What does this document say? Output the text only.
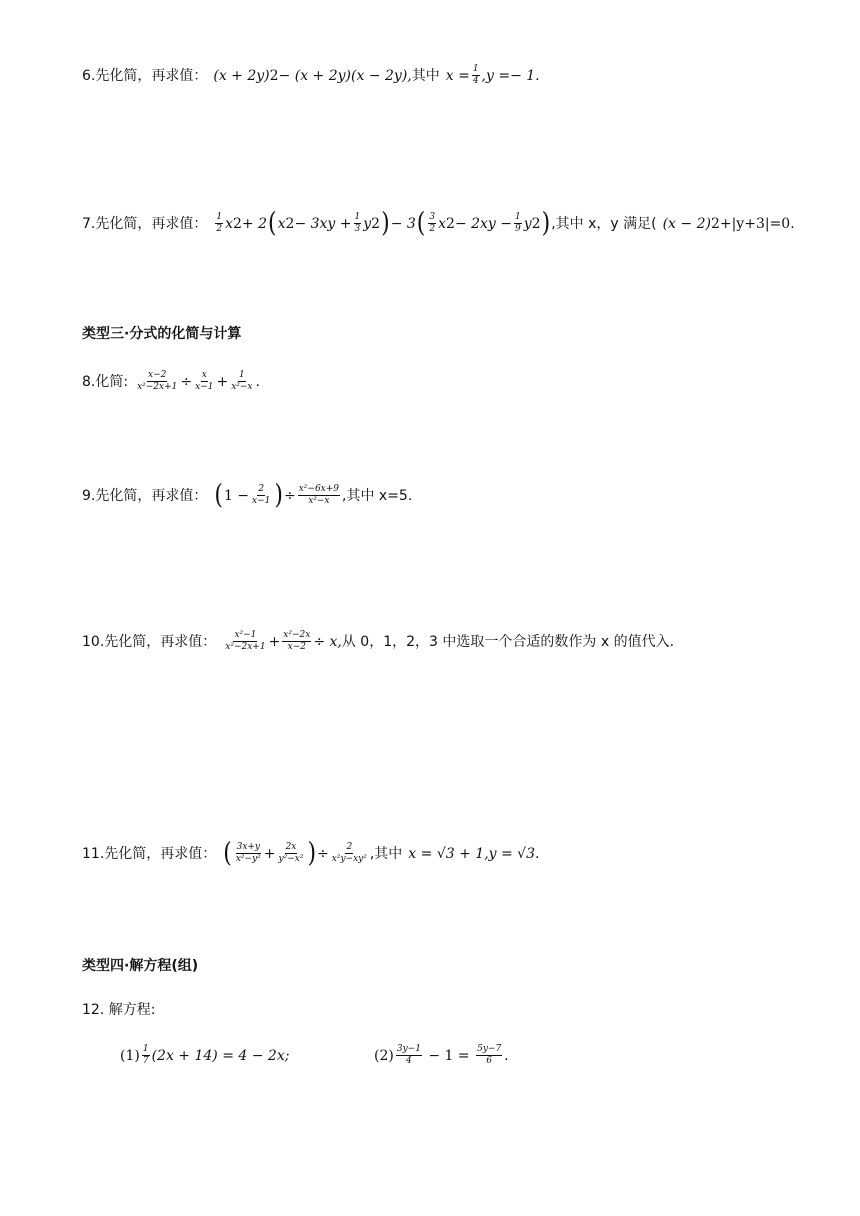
6.先化简，再求值： (x + 2y) 2 − (x + 2y)(x − 2y), 其中 $x = \frac{1}{4} ,y =- 1$.
7.先化简，再求值： $\frac{1}{2}$ x 2 + 2 ( x $2 - 3xy + \frac{1}{3}$ y 2 ) − 3 ( $\frac{3}{2}$ x $2 - 2xy - \frac{1}{9}$ y 2 ) ,其中 x，y 满足( (x − 2) 2 +|y+3|=0.
类型三·分式的化简与计算
8.化简: $\frac{x-2}{\text{x²−2x+1}} \div \frac{x}{x-1} + \frac{1}{\text{x²−x}}$ .
9.先化简，再求值： ( $1 - \frac{2}{x-1}$ ) ÷ $\frac{\text{x²−6x+9}}{\text{x²−x}}$ ,其中 x=5.
10.先化简，再求值： $\frac{\text{x²−1}}{\text{x²−2x+1}} + \frac{\text{x²−2x}}{x-2} \div x$, 从 0，1，2，3 中选取一个合适的数作为 x 的值代入.
11.先化简，再求值： ( $\frac{3x+y}{\text{x²−y²}} + \frac{2x}{\text{y²−x²}}$ ) ÷ $\frac{2}{\text{x²y−xy²}}$ ,其中 x = √3 + 1,y = √3.
类型四·解方程(组)
12. 解方程:
$(1) \frac{1}{7} (2x + 14) = 4 - 2x$;	$(2) \frac{3y-1}{4} - 1 = \frac{5y-7}{6}$ .
